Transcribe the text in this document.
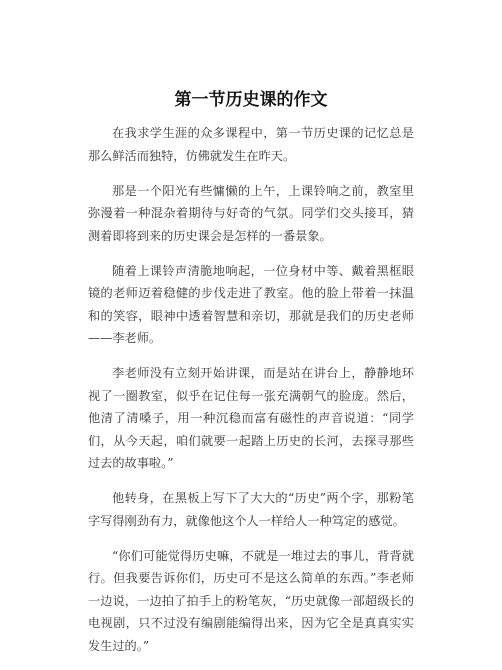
第一节历史课的作文

在我求学生涯的众多课程中，第一节历史课的记忆总是那么鲜活而独特，仿佛就发生在昨天。

那是一个阳光有些慵懒的上午，上课铃响之前，教室里弥漫着一种混杂着期待与好奇的气氛。同学们交头接耳，猜测着即将到来的历史课会是怎样的一番景象。

随着上课铃声清脆地响起，一位身材中等、戴着黑框眼镜的老师迈着稳健的步伐走进了教室。他的脸上带着一抹温和的笑容，眼神中透着智慧和亲切，那就是我们的历史老师——李老师。

李老师没有立刻开始讲课，而是站在讲台上，静静地环视了一圈教室，似乎在记住每一张充满朝气的脸庞。然后，他清了清嗓子，用一种沉稳而富有磁性的声音说道：“同学们，从今天起，咱们就要一起踏上历史的长河，去探寻那些过去的故事啦。”

他转身，在黑板上写下了大大的“历史”两个字，那粉笔字写得刚劲有力，就像他这个人一样给人一种笃定的感觉。

“你们可能觉得历史嘛，不就是一堆过去的事儿，背背就行。但我要告诉你们，历史可不是这么简单的东西。”李老师一边说，一边拍了拍手上的粉笔灰，“历史就像一部超级长的电视剧，只不过没有编剧能编得出来，因为它全是真真实实发生过的。”
